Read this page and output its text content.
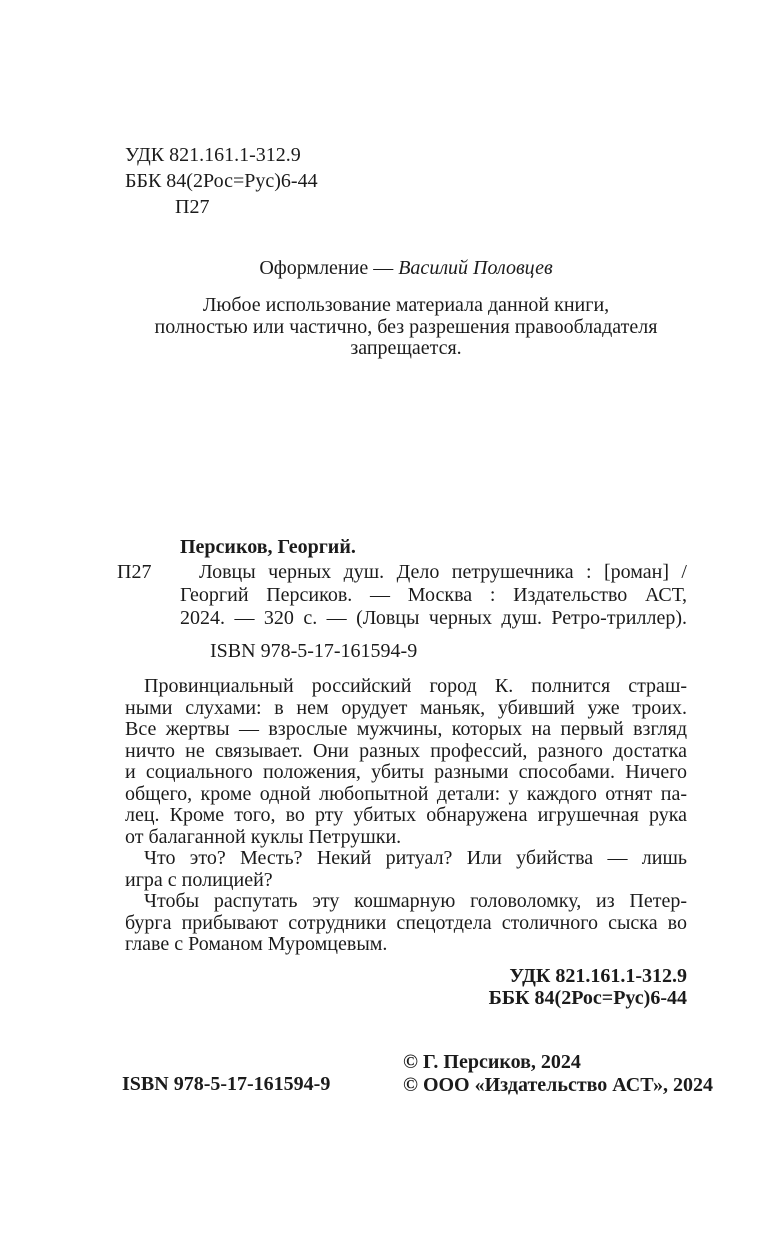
УДК 821.161.1-312.9
ББК 84(2Рос=Рус)6-44
П27
Оформление — Василий Половцев
Любое использование материала данной книги,
полностью или частично, без разрешения правообладателя
запрещается.
Персиков, Георгий.
П27	Ловцы черных душ. Дело петрушечника : [роман] /
Георгий Персиков. — Москва : Издательство АСТ,
2024. — 320 с. — (Ловцы черных душ. Ретро-триллер).
ISBN 978-5-17-161594-9
Провинциальный российский город К. полнится страш-
ными слухами: в нем орудует маньяк, убивший уже троих.
Все жертвы — взрослые мужчины, которых на первый взгляд
ничто не связывает. Они разных профессий, разного достатка
и социального положения, убиты разными способами. Ничего
общего, кроме одной любопытной детали: у каждого отнят па-
лец. Кроме того, во рту убитых обнаружена игрушечная рука
от балаганной куклы Петрушки.
Что это? Месть? Некий ритуал? Или убийства — лишь
игра с полицией?
Чтобы распутать эту кошмарную головоломку, из Петер-
бурга прибывают сотрудники спецотдела столичного сыска во
главе с Романом Муромцевым.
УДК 821.161.1-312.9
ББК 84(2Рос=Рус)6-44
© Г. Персиков, 2024
© ООО «Издательство АСТ», 2024
ISBN 978-5-17-161594-9
